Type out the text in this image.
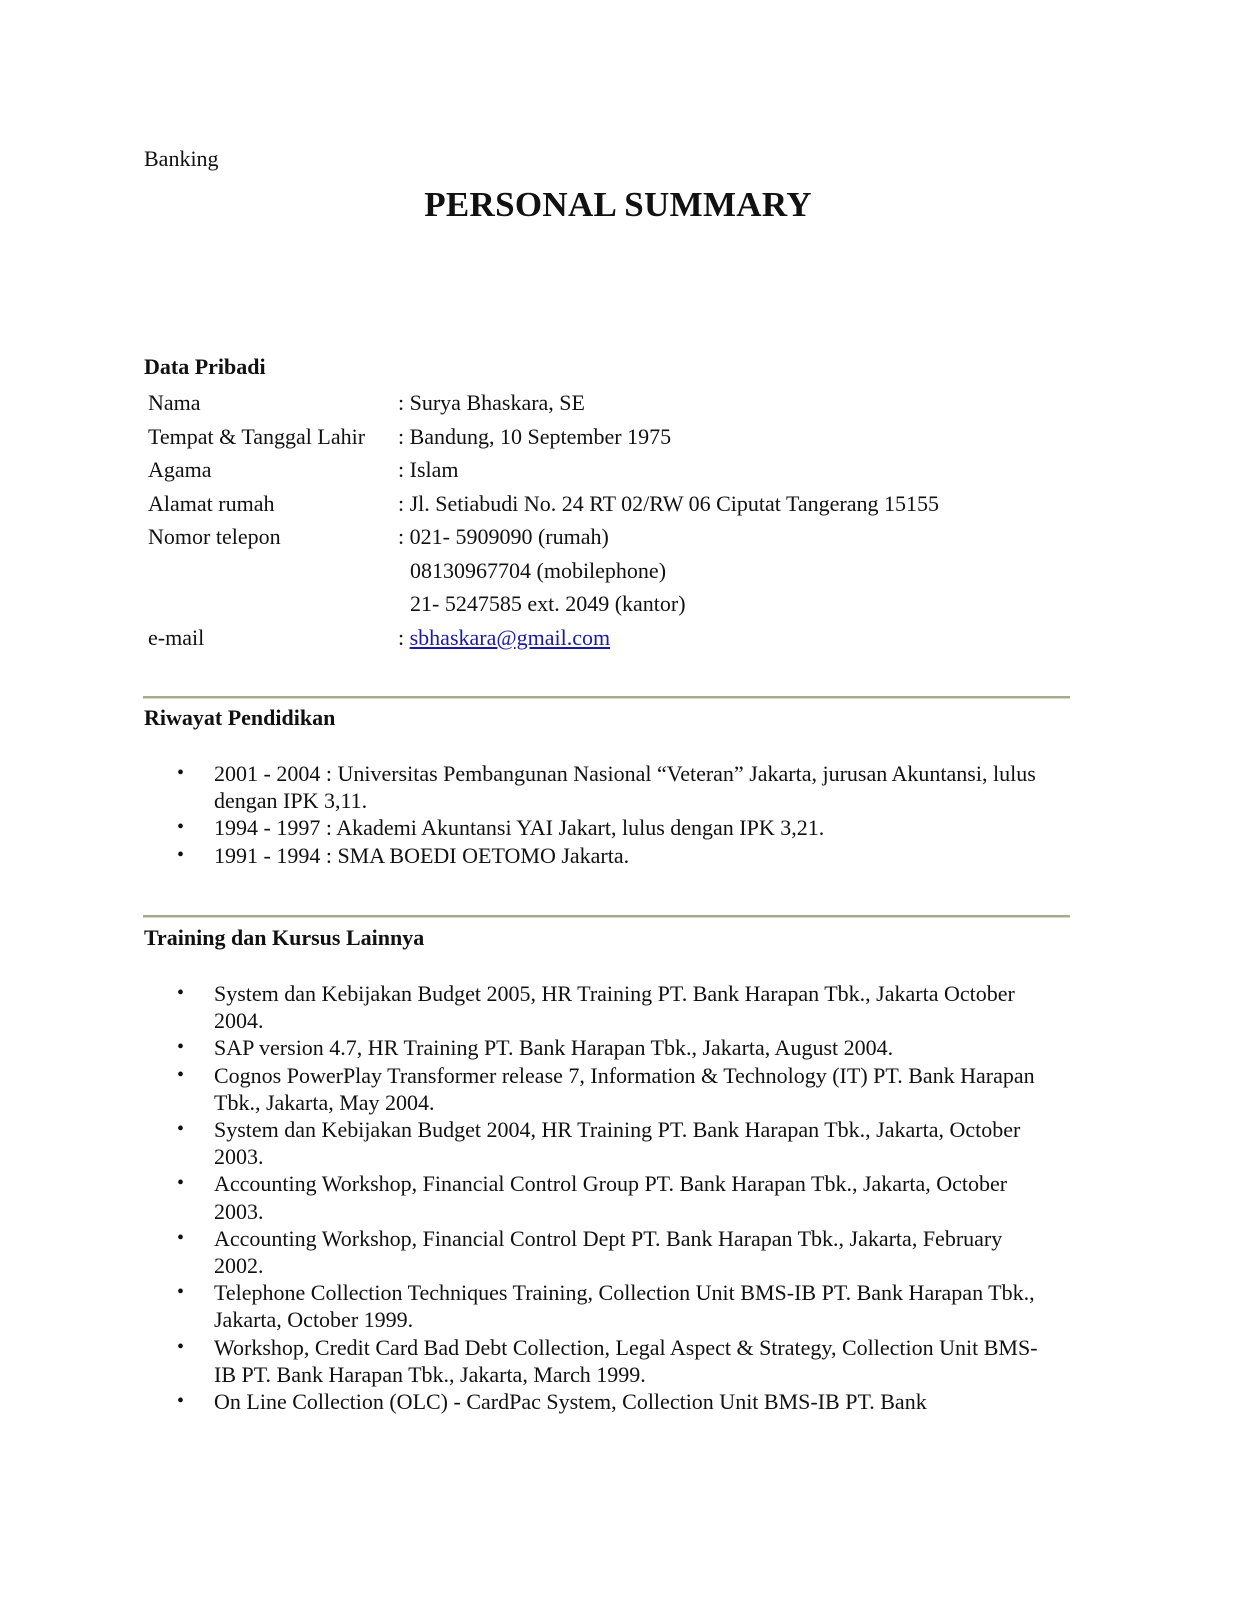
Banking
PERSONAL SUMMARY
Data Pribadi
Nama	: Surya Bhaskara, SE
Tempat & Tanggal Lahir	: Bandung, 10 September 1975
Agama	: Islam
Alamat rumah	: Jl. Setiabudi No. 24 RT 02/RW 06 Ciputat Tangerang 15155
Nomor telepon	: 021- 5909090 (rumah)
08130967704 (mobilephone)
21- 5247585 ext. 2049 (kantor)
e-mail	: sbhaskara@gmail.com
Riwayat Pendidikan
• 2001 - 2004 : Universitas Pembangunan Nasional “Veteran” Jakarta, jurusan Akuntansi, lulus dengan IPK 3,11.
• 1994 - 1997 : Akademi Akuntansi YAI Jakart, lulus dengan IPK 3,21.
• 1991 - 1994 : SMA BOEDI OETOMO Jakarta.
Training dan Kursus Lainnya
• System dan Kebijakan Budget 2005, HR Training PT. Bank Harapan Tbk., Jakarta October 2004.
• SAP version 4.7, HR Training PT. Bank Harapan Tbk., Jakarta, August 2004.
• Cognos PowerPlay Transformer release 7, Information & Technology (IT) PT. Bank Harapan Tbk., Jakarta, May 2004.
• System dan Kebijakan Budget 2004, HR Training PT. Bank Harapan Tbk., Jakarta, October 2003.
• Accounting Workshop, Financial Control Group PT. Bank Harapan Tbk., Jakarta, October 2003.
• Accounting Workshop, Financial Control Dept PT. Bank Harapan Tbk., Jakarta, February 2002.
• Telephone Collection Techniques Training, Collection Unit BMS-IB PT. Bank Harapan Tbk., Jakarta, October 1999.
• Workshop, Credit Card Bad Debt Collection, Legal Aspect & Strategy, Collection Unit BMS-IB PT. Bank Harapan Tbk., Jakarta, March 1999.
• On Line Collection (OLC) - CardPac System, Collection Unit BMS-IB PT. Bank
